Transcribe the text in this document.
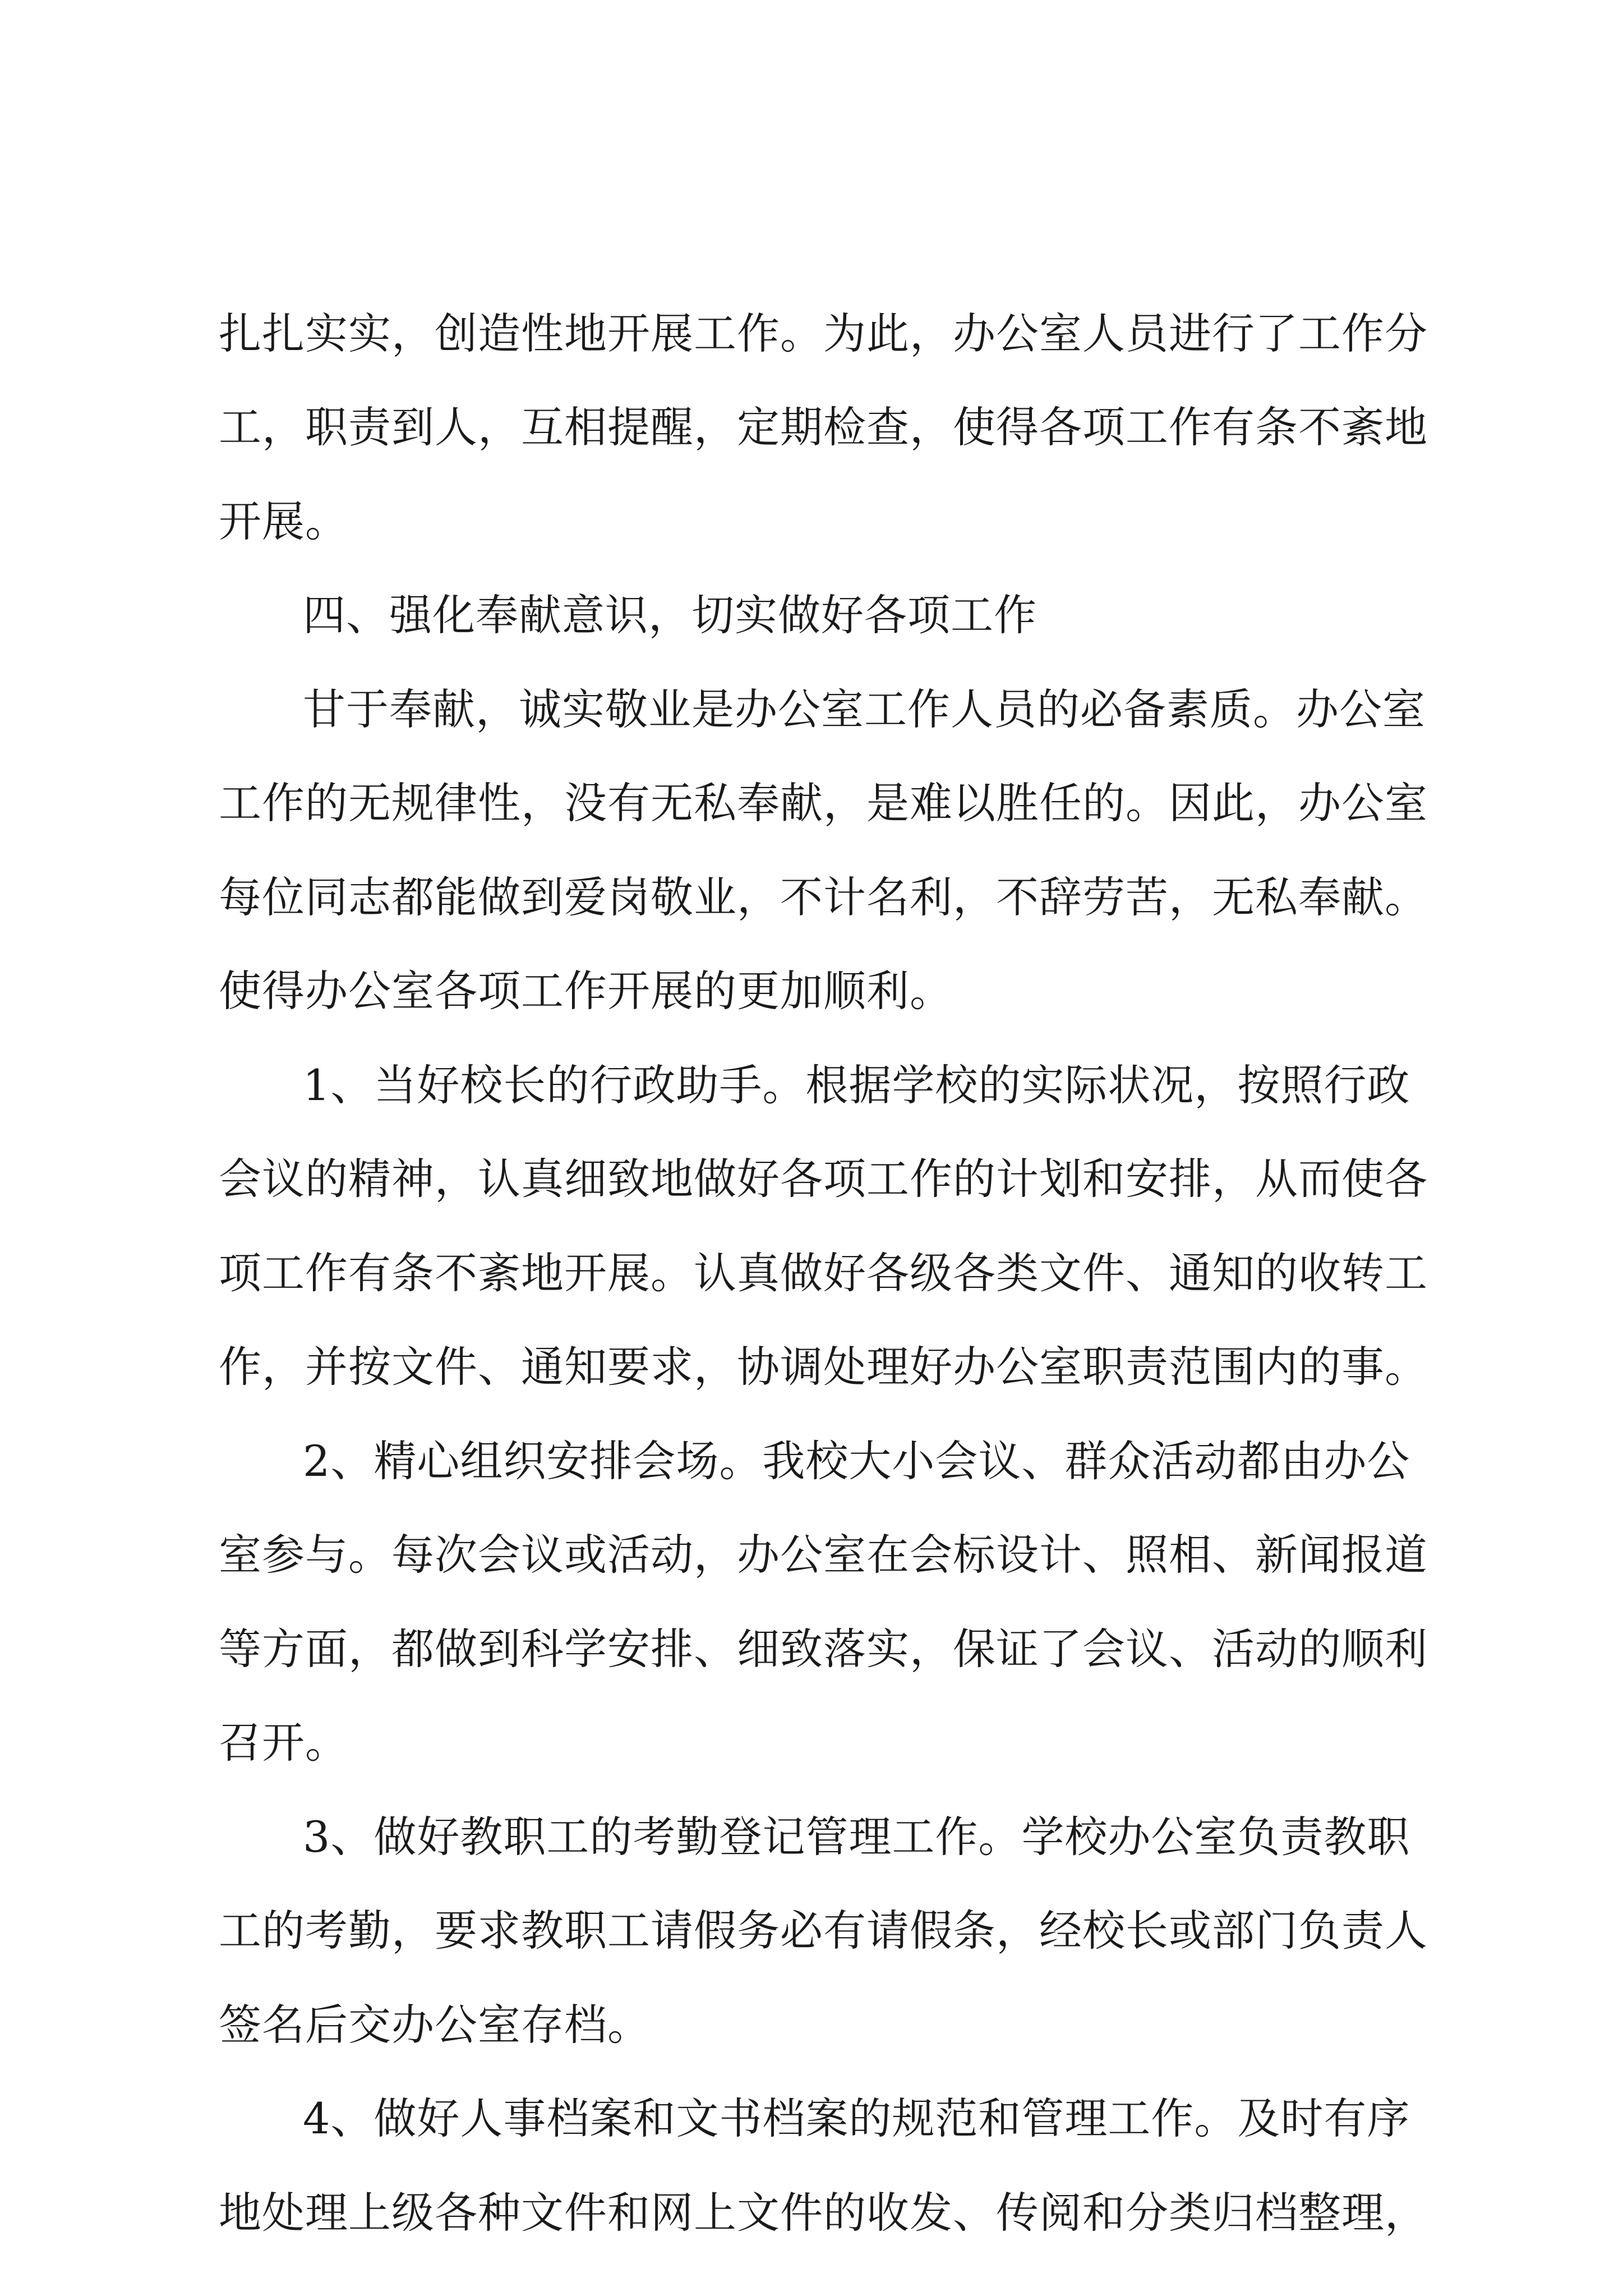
扎扎实实，创造性地开展工作。为此，办公室人员进行了工作分
工，职责到人，互相提醒，定期检查，使得各项工作有条不紊地
开展。
四、强化奉献意识，切实做好各项工作
甘于奉献，诚实敬业是办公室工作人员的必备素质。办公室
工作的无规律性，没有无私奉献，是难以胜任的。因此，办公室
每位同志都能做到爱岗敬业，不计名利，不辞劳苦，无私奉献。
使得办公室各项工作开展的更加顺利。
1、当好校长的行政助手。根据学校的实际状况，按照行政
会议的精神，认真细致地做好各项工作的计划和安排，从而使各
项工作有条不紊地开展。认真做好各级各类文件、通知的收转工
作，并按文件、通知要求，协调处理好办公室职责范围内的事。
2、精心组织安排会场。我校大小会议、群众活动都由办公
室参与。每次会议或活动，办公室在会标设计、照相、新闻报道
等方面，都做到科学安排、细致落实，保证了会议、活动的顺利
召开。
3、做好教职工的考勤登记管理工作。学校办公室负责教职
工的考勤，要求教职工请假务必有请假条，经校长或部门负责人
签名后交办公室存档。
4、做好人事档案和文书档案的规范和管理工作。及时有序
地处理上级各种文件和网上文件的收发、传阅和分类归档整理，
